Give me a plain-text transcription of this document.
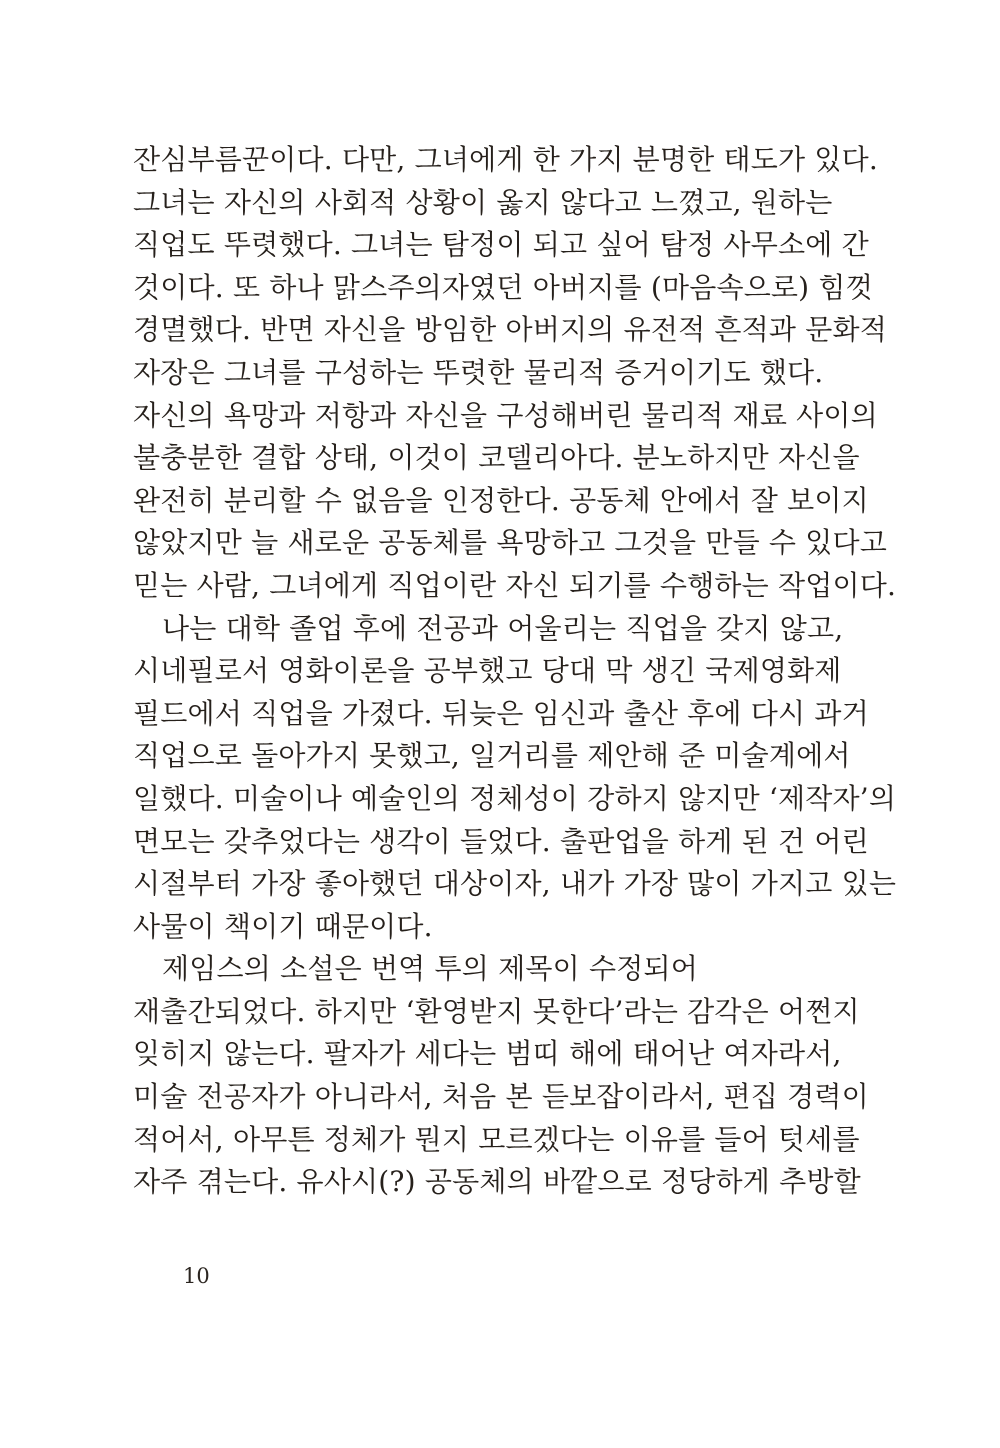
잔심부름꾼이다. 다만, 그녀에게 한 가지 분명한 태도가 있다.
그녀는 자신의 사회적 상황이 옳지 않다고 느꼈고, 원하는
직업도 뚜렷했다. 그녀는 탐정이 되고 싶어 탐정 사무소에 간
것이다. 또 하나 맑스주의자였던 아버지를 (마음속으로) 힘껏
경멸했다. 반면 자신을 방임한 아버지의 유전적 흔적과 문화적
자장은 그녀를 구성하는 뚜렷한 물리적 증거이기도 했다.
자신의 욕망과 저항과 자신을 구성해버린 물리적 재료 사이의
불충분한 결합 상태, 이것이 코델리아다. 분노하지만 자신을
완전히 분리할 수 없음을 인정한다. 공동체 안에서 잘 보이지
않았지만 늘 새로운 공동체를 욕망하고 그것을 만들 수 있다고
믿는 사람, 그녀에게 직업이란 자신 되기를 수행하는 작업이다.
나는 대학 졸업 후에 전공과 어울리는 직업을 갖지 않고,
시네필로서 영화이론을 공부했고 당대 막 생긴 국제영화제
필드에서 직업을 가졌다. 뒤늦은 임신과 출산 후에 다시 과거
직업으로 돌아가지 못했고, 일거리를 제안해 준 미술계에서
일했다. 미술이나 예술인의 정체성이 강하지 않지만 ‘제작자’의
면모는 갖추었다는 생각이 들었다. 출판업을 하게 된 건 어린
시절부터 가장 좋아했던 대상이자, 내가 가장 많이 가지고 있는
사물이 책이기 때문이다.
제임스의 소설은 번역 투의 제목이 수정되어
재출간되었다. 하지만 ‘환영받지 못한다’라는 감각은 어쩐지
잊히지 않는다. 팔자가 세다는 범띠 해에 태어난 여자라서,
미술 전공자가 아니라서, 처음 본 듣보잡이라서, 편집 경력이
적어서, 아무튼 정체가 뭔지 모르겠다는 이유를 들어 텃세를
자주 겪는다. 유사시(?) 공동체의 바깥으로 정당하게 추방할
10
